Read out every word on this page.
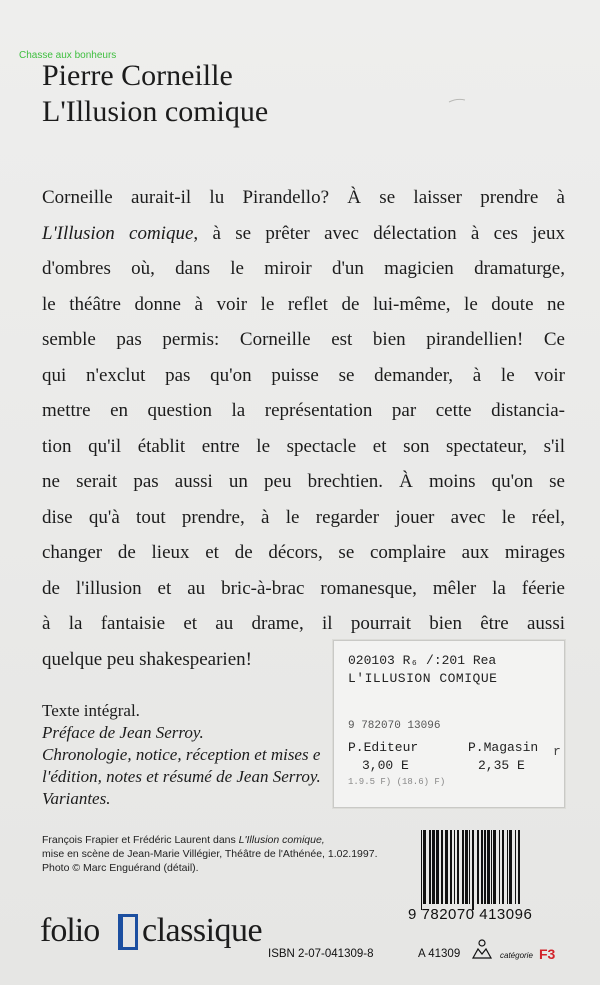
Chasse aux bonheurs
Pierre Corneille
L'Illusion comique
Corneille aurait-il lu Pirandello? À se laisser prendre à
L'Illusion comique, à se prêter avec délectation à ces jeux
d'ombres où, dans le miroir d'un magicien dramaturge,
le théâtre donne à voir le reflet de lui-même, le doute ne
semble pas permis: Corneille est bien pirandellien! Ce
qui n'exclut pas qu'on puisse se demander, à le voir
mettre en question la représentation par cette distancia-
tion qu'il établit entre le spectacle et son spectateur, s'il
ne serait pas aussi un peu brechtien. À moins qu'on se
dise qu'à tout prendre, à le regarder jouer avec le réel,
changer de lieux et de décors, se complaire aux mirages
de l'illusion et au bric-à-brac romanesque, mêler la féerie
à la fantaisie et au drame, il pourrait bien être aussi
quelque peu shakespearien!
Texte intégral.
Préface de Jean Serroy.
Chronologie, notice, réception et mises e
l'édition, notes et résumé de Jean Serroy.
Variantes.
François Frapier et Frédéric Laurent dans L'Illusion comique,
mise en scène de Jean-Marie Villégier, Théâtre de l'Athénée, 1.02.1997.
Photo © Marc Enguérand (détail).
020103 R₆ /:201 Rea
L'ILLUSION COMIQUE
9 782070 13096
P.Editeur	P.Magasin
3,00 E	2,35 E
1.9.5 F) (18.6) F)
r
9 782070 413096
folio classique
ISBN 2-07-041309-8	A 41309	catégorie F3
